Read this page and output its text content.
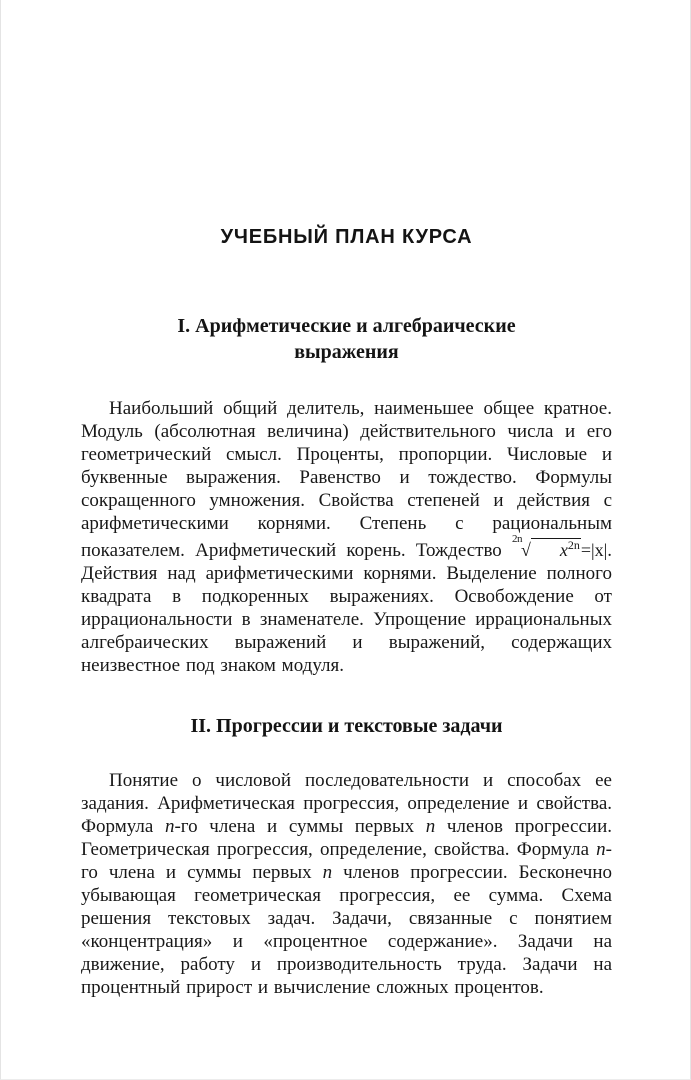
УЧЕБНЫЙ ПЛАН КУРСА
I. Арифметические и алгебраические
выражения

Наибольший общий делитель, наименьшее общее кратное. Модуль (абсолютная величина) действительного числа и его геометрический смысл. Проценты, пропорции. Числовые и буквенные выражения. Равенство и тождество. Формулы сокращенного умножения. Свойства степеней и действия с арифметическими корнями. Степень с рациональным показателем. Арифметический корень. Тождество $^{2n}$√ $x^{2n}=|x|$. Действия над арифметическими корнями. Выделение полного квадрата в подкоренных выражениях. Освобождение от иррациональности в знаменателе. Упрощение иррациональных алгебраических выражений и выражений, содержащих неизвестное под знаком модуля.

II. Прогрессии и текстовые задачи

Понятие о числовой последовательности и способах ее задания. Арифметическая прогрессия, определение и свойства. Формула n-го члена и суммы первых n членов прогрессии. Геометрическая прогрессия, определение, свойства. Формула n-го члена и суммы первых n членов прогрессии. Бесконечно убывающая геометрическая прогрессия, ее сумма. Схема решения текстовых задач. Задачи, связанные с понятием «концентрация» и «процентное содержание». Задачи на движение, работу и производительность труда. Задачи на процентный прирост и вычисление сложных процентов.
